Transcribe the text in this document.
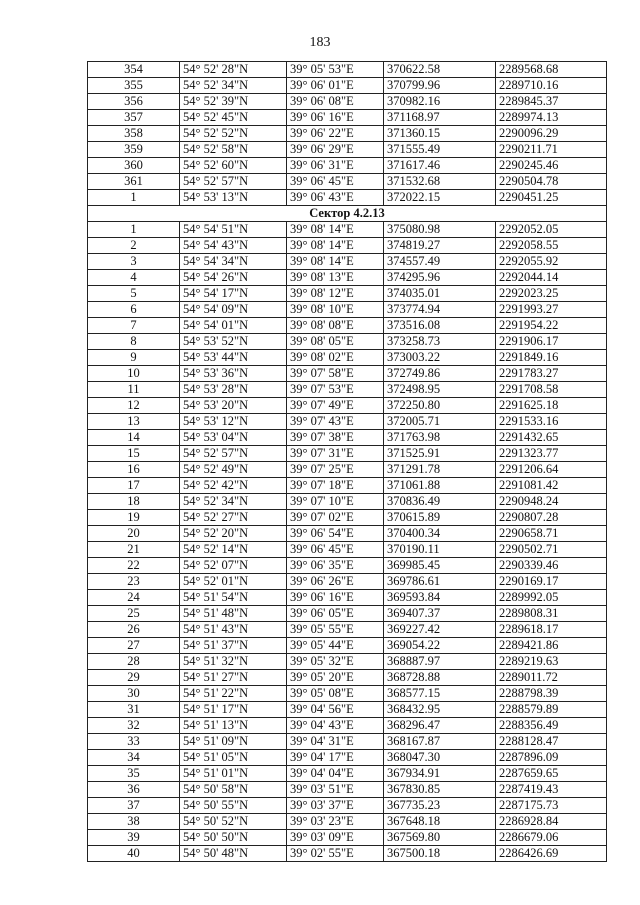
183
354	54° 52' 28"N	39° 05' 53"E	370622.58	2289568.68
355	54° 52' 34"N	39° 06' 01"E	370799.96	2289710.16
356	54° 52' 39"N	39° 06' 08"E	370982.16	2289845.37
357	54° 52' 45"N	39° 06' 16"E	371168.97	2289974.13
358	54° 52' 52"N	39° 06' 22"E	371360.15	2290096.29
359	54° 52' 58"N	39° 06' 29"E	371555.49	2290211.71
360	54° 52' 60"N	39° 06' 31"E	371617.46	2290245.46
361	54° 52' 57"N	39° 06' 45"E	371532.68	2290504.78
1	54° 53' 13"N	39° 06' 43"E	372022.15	2290451.25
Сектор 4.2.13				
1	54° 54' 51"N	39° 08' 14"E	375080.98	2292052.05
2	54° 54' 43"N	39° 08' 14"E	374819.27	2292058.55
3	54° 54' 34"N	39° 08' 14"E	374557.49	2292055.92
4	54° 54' 26"N	39° 08' 13"E	374295.96	2292044.14
5	54° 54' 17"N	39° 08' 12"E	374035.01	2292023.25
6	54° 54' 09"N	39° 08' 10"E	373774.94	2291993.27
7	54° 54' 01"N	39° 08' 08"E	373516.08	2291954.22
8	54° 53' 52"N	39° 08' 05"E	373258.73	2291906.17
9	54° 53' 44"N	39° 08' 02"E	373003.22	2291849.16
10	54° 53' 36"N	39° 07' 58"E	372749.86	2291783.27
11	54° 53' 28"N	39° 07' 53"E	372498.95	2291708.58
12	54° 53' 20"N	39° 07' 49"E	372250.80	2291625.18
13	54° 53' 12"N	39° 07' 43"E	372005.71	2291533.16
14	54° 53' 04"N	39° 07' 38"E	371763.98	2291432.65
15	54° 52' 57"N	39° 07' 31"E	371525.91	2291323.77
16	54° 52' 49"N	39° 07' 25"E	371291.78	2291206.64
17	54° 52' 42"N	39° 07' 18"E	371061.88	2291081.42
18	54° 52' 34"N	39° 07' 10"E	370836.49	2290948.24
19	54° 52' 27"N	39° 07' 02"E	370615.89	2290807.28
20	54° 52' 20"N	39° 06' 54"E	370400.34	2290658.71
21	54° 52' 14"N	39° 06' 45"E	370190.11	2290502.71
22	54° 52' 07"N	39° 06' 35"E	369985.45	2290339.46
23	54° 52' 01"N	39° 06' 26"E	369786.61	2290169.17
24	54° 51' 54"N	39° 06' 16"E	369593.84	2289992.05
25	54° 51' 48"N	39° 06' 05"E	369407.37	2289808.31
26	54° 51' 43"N	39° 05' 55"E	369227.42	2289618.17
27	54° 51' 37"N	39° 05' 44"E	369054.22	2289421.86
28	54° 51' 32"N	39° 05' 32"E	368887.97	2289219.63
29	54° 51' 27"N	39° 05' 20"E	368728.88	2289011.72
30	54° 51' 22"N	39° 05' 08"E	368577.15	2288798.39
31	54° 51' 17"N	39° 04' 56"E	368432.95	2288579.89
32	54° 51' 13"N	39° 04' 43"E	368296.47	2288356.49
33	54° 51' 09"N	39° 04' 31"E	368167.87	2288128.47
34	54° 51' 05"N	39° 04' 17"E	368047.30	2287896.09
35	54° 51' 01"N	39° 04' 04"E	367934.91	2287659.65
36	54° 50' 58"N	39° 03' 51"E	367830.85	2287419.43
37	54° 50' 55"N	39° 03' 37"E	367735.23	2287175.73
38	54° 50' 52"N	39° 03' 23"E	367648.18	2286928.84
39	54° 50' 50"N	39° 03' 09"E	367569.80	2286679.06
40	54° 50' 48"N	39° 02' 55"E	367500.18	2286426.69
